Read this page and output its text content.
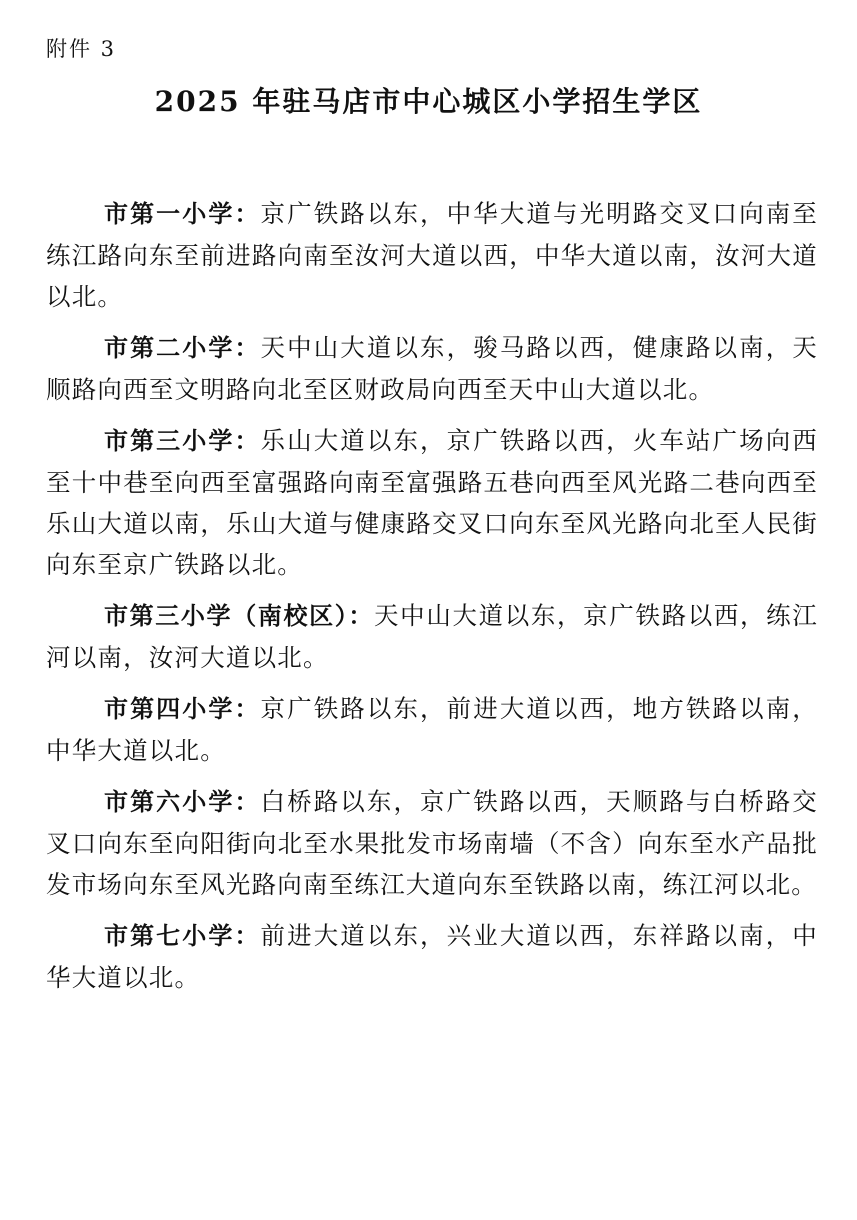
附件 3
2025 年驻马店市中心城区小学招生学区

市第一小学：京广铁路以东，中华大道与光明路交叉口向南至练江路向东至前进路向南至汝河大道以西，中华大道以南，汝河大道以北。

市第二小学：天中山大道以东，骏马路以西，健康路以南，天顺路向西至文明路向北至区财政局向西至天中山大道以北。

市第三小学：乐山大道以东，京广铁路以西，火车站广场向西至十中巷至向西至富强路向南至富强路五巷向西至风光路二巷向西至乐山大道以南，乐山大道与健康路交叉口向东至风光路向北至人民街向东至京广铁路以北。

市第三小学（南校区）：天中山大道以东，京广铁路以西，练江河以南，汝河大道以北。

市第四小学：京广铁路以东，前进大道以西，地方铁路以南，中华大道以北。

市第六小学：白桥路以东，京广铁路以西，天顺路与白桥路交叉口向东至向阳街向北至水果批发市场南墙（不含）向东至水产品批发市场向东至风光路向南至练江大道向东至铁路以南，练江河以北。

市第七小学：前进大道以东，兴业大道以西，东祥路以南，中华大道以北。
